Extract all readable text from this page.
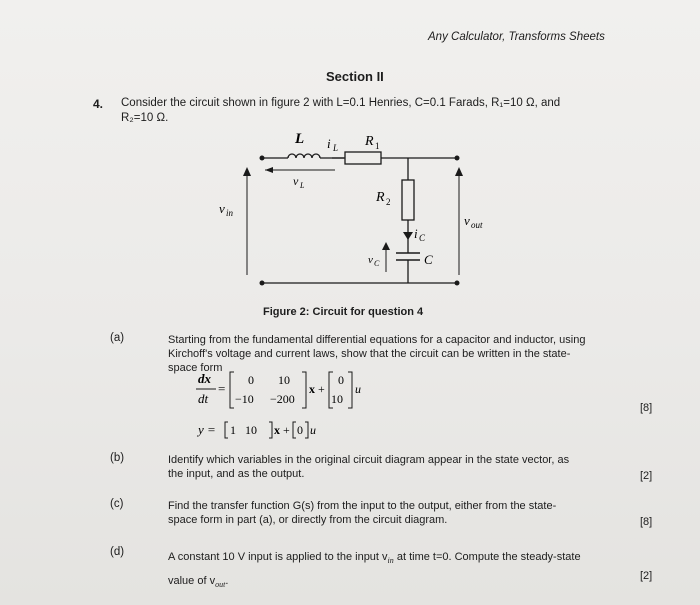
Any Calculator, Transforms Sheets
Section II
4. Consider the circuit shown in figure 2 with L=0.1 Henries, C=0.1 Farads, R₁=10 Ω, and
R₂=10 Ω.
L i L R 1
v L
R 2
v in	v out
i C
v C	C
Figure 2: Circuit for question 4
(a)	Starting from the fundamental differential equations for a capacitor and inductor, using
Kirchoff's voltage and current laws, show that the circuit can be written in the state-
space form
dx
dt
=
0 10
−10 −200
x +
0
10
u
y = 1   10 x + 0 u
[8]
(b)	Identify which variables in the original circuit diagram appear in the state vector, as
the input, and as the output.	[2]
(c)	Find the transfer function G(s) from the input to the output, either from the state-
space form in part (a), or directly from the circuit diagram.	[8]
(d)	A constant 10 V input is applied to the input $v_{in}$ at time t=0. Compute the steady-state
value of $v_{out}$.	[2]
